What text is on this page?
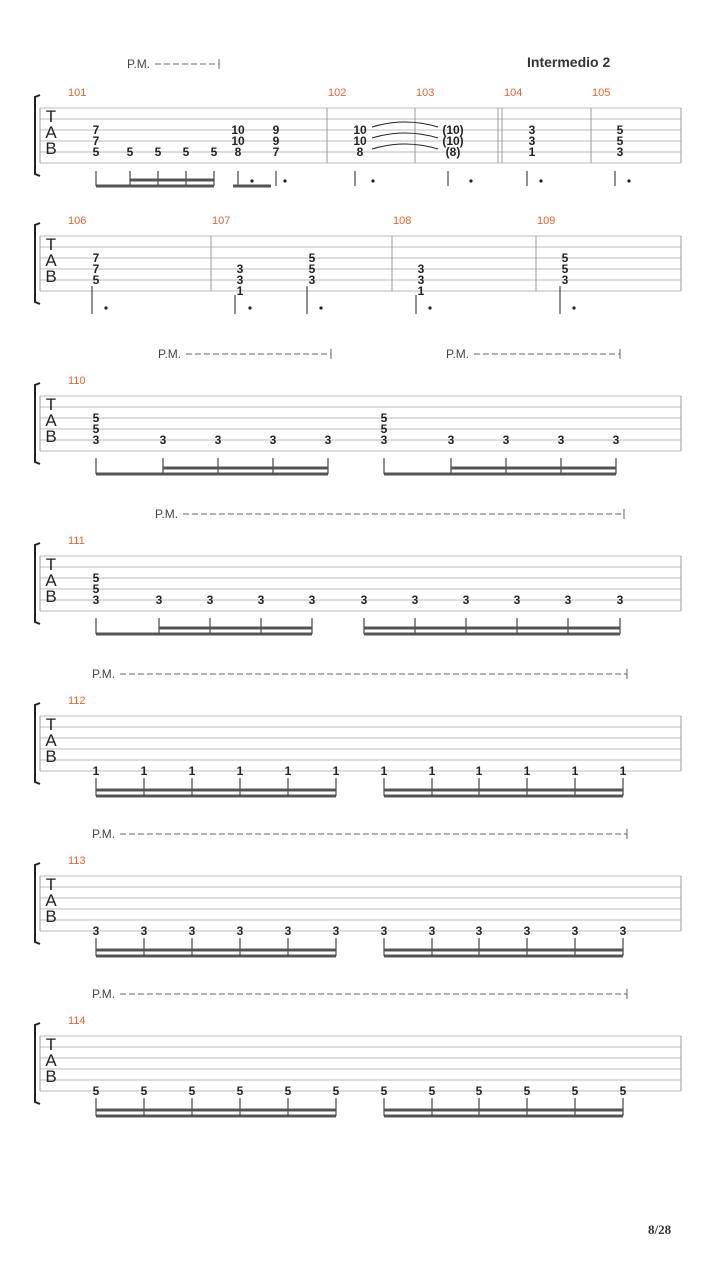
Intermedio 2
T
A
B
P.M.
101	102	103	104	105
7
7
5 5 5 5 5
10
10
8
9
9
7
10
10
8
(10)
(10)
(8)
3
3
1
5
5
3
T
A
B
106	107	108	109
7
7
5
3
3
1
5
5
3
3
3
1
5
5
3
T
A
B
P.M.	P.M.
110
5
5
3	3	3	3	3
5
5
3	3	3	3	3
T
A
B
P.M.
111
5
5
3	3	3	3	3	3	3	3	3	3	3
T
A
B
P.M.
112
1	1	1	1	1	1	1	1	1	1	1	1
T
A
B
P.M.
113
3	3	3	3	3	3	3	3	3	3	3	3
T
A
B
P.M.
114
5	5	5	5	5	5	5	5	5	5	5	5
8/28
